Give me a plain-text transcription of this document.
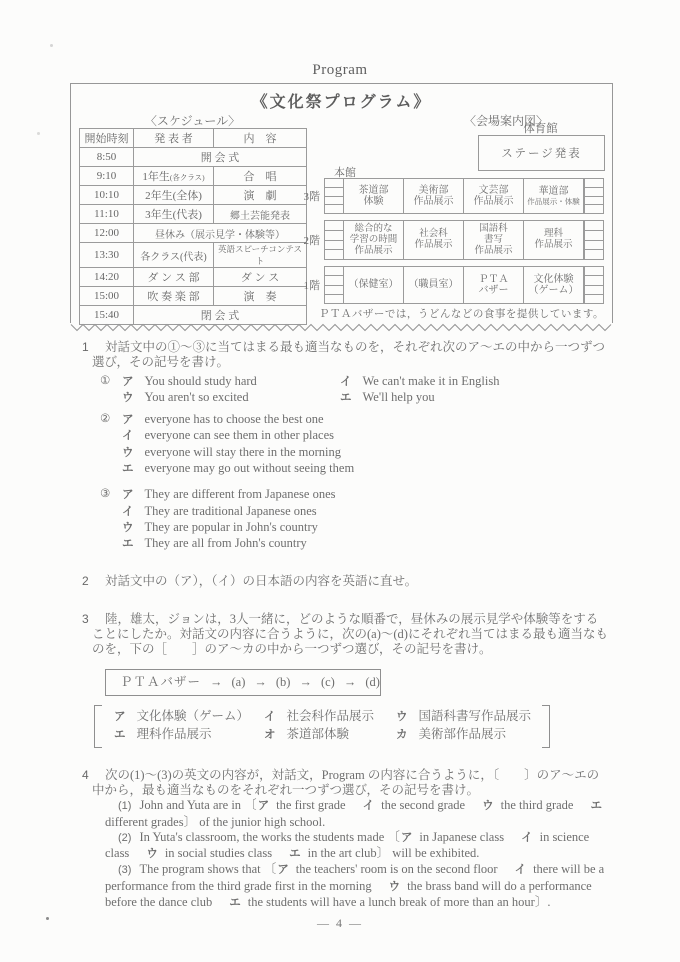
Program
《文化祭プログラム》
〈スケジュール〉
開始時刻	発 表 者	内　容
8:50	開 会 式	
9:10	1年生(各クラス)	合　唱
10:10	2年生(全体)	演　劇
11:10	3年生(代表)	郷土芸能発表
12:00	昼休み（展示見学・体験等）	
13:30	各クラス(代表)	英語スピーチコンテスト
14:20	ダ ン ス 部	ダ ン ス
15:00	吹 奏 楽 部	演　奏
15:40	閉 会 式	
〈会場案内図〉
体育館
ステージ発表
本館
3階
茶道部
体験
美術部
作品展示
文芸部
作品展示
華道部
作品展示・体験
2階
総合的な
学習の時間
作品展示
社会科
作品展示
国語科
書写
作品展示
理科
作品展示
1階	（保健室） （職員室）
ＰＴＡ
バザー
文化体験
（ゲーム）
ＰＴＡバザーでは，うどんなどの食事を提供しています。
1	対話文中の①～③に当てはまる最も適当なものを，それぞれ次のア～エの中から一つずつ選び，その記号を書け。

①	ア You should study hard	イ We can't make it in English
ウ You aren't so excited	エ We'll help you
②	ア everyone has to choose the best one
イ everyone can see them in other places
ウ everyone will stay there in the morning
エ everyone may go out without seeing them
③	ア They are different from Japanese ones
イ They are traditional Japanese ones
ウ They are popular in John's country
エ They are all from John's country
2	対話文中の（ア），（イ）の日本語の内容を英語に直せ。

3	陸，雄太，ジョンは，3人一緒に，どのような順番で，昼休みの展示見学や体験等をすることにしたか。対話文の内容に合うように，次の(a)～(d)にそれぞれ当てはまる最も適当なものを，下の［　　］のア～カの中から一つずつ選び，その記号を書け。

ＰＴＡバザー → (a) → (b) → (c) → (d)
ア 文化体験（ゲーム）	イ 社会科作品展示	ウ 国語科書写作品展示
エ 理科作品展示	オ 茶道部体験	カ 美術部作品展示
4	次の(1)～(3)の英文の内容が，対話文，Program の内容に合うように，〔　　〕のア～エの中から，最も適当なものをそれぞれ一つずつ選び，その記号を書け。

(1) John and Yuta are in 〔ア the first grade イ the second grade ウ the third grade エdifferent grades〕 of the junior high school.

(2) In Yuta's classroom, the works the students made 〔ア in Japanese class イ in science class ウ in social studies class エ in the art club〕 will be exhibited.

(3) The program shows that 〔ア the teachers' room is on the second floor イ there will be a performance from the third grade first in the morning ウ the brass band will do a performance before the dance club エ the students will have a lunch break of more than an hour〕.

— 4 —
